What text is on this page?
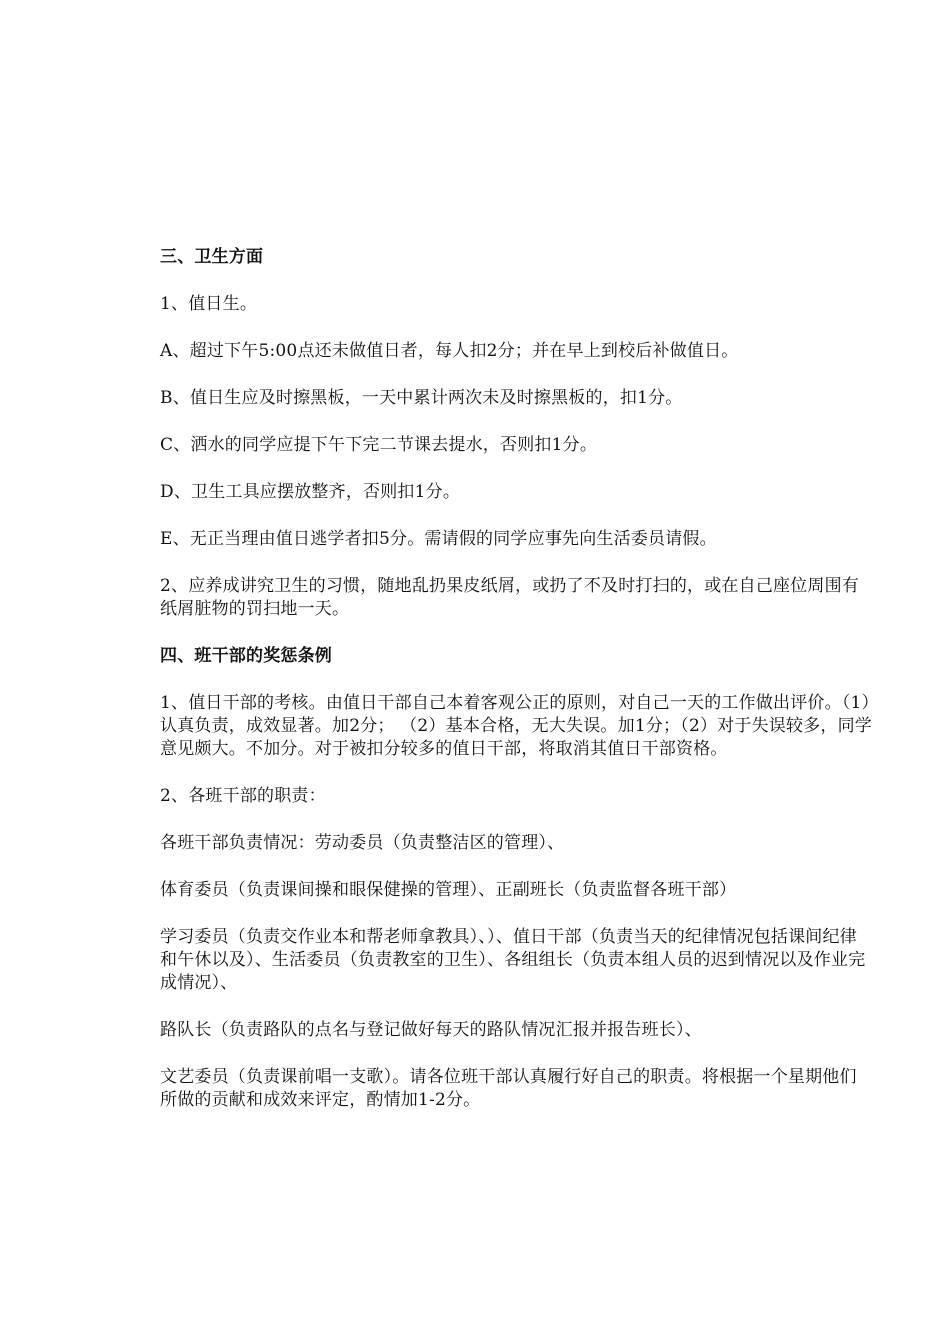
三、卫生方面

1、值日生。

A、超过下午5:00点还未做值日者，每人扣2分；并在早上到校后补做值日。

B、值日生应及时擦黑板，一天中累计两次未及时擦黑板的，扣1分。

C、洒水的同学应提下午下完二节课去提水，否则扣1分。

D、卫生工具应摆放整齐，否则扣1分。

E、无正当理由值日逃学者扣5分。需请假的同学应事先向生活委员请假。

2、应养成讲究卫生的习惯，随地乱扔果皮纸屑，或扔了不及时打扫的，或在自己座位周围有纸屑脏物的罚扫地一天。

四、班干部的奖惩条例

1、值日干部的考核。由值日干部自己本着客观公正的原则，对自己一天的工作做出评价。（1）认真负责，成效显著。加2分； （2）基本合格，无大失误。加1分；（2）对于失误较多，同学意见颇大。不加分。对于被扣分较多的值日干部，将取消其值日干部资格。

2、各班干部的职责：

各班干部负责情况：劳动委员（负责整洁区的管理）、

体育委员（负责课间操和眼保健操的管理）、正副班长（负责监督各班干部）

学习委员（负责交作业本和帮老师拿教具）、）、值日干部（负责当天的纪律情况包括课间纪律和午休以及）、生活委员（负责教室的卫生）、各组组长（负责本组人员的迟到情况以及作业完成情况）、

路队长（负责路队的点名与登记做好每天的路队情况汇报并报告班长）、

文艺委员（负责课前唱一支歌）。请各位班干部认真履行好自己的职责。将根据一个星期他们所做的贡献和成效来评定，酌情加1-2分。
